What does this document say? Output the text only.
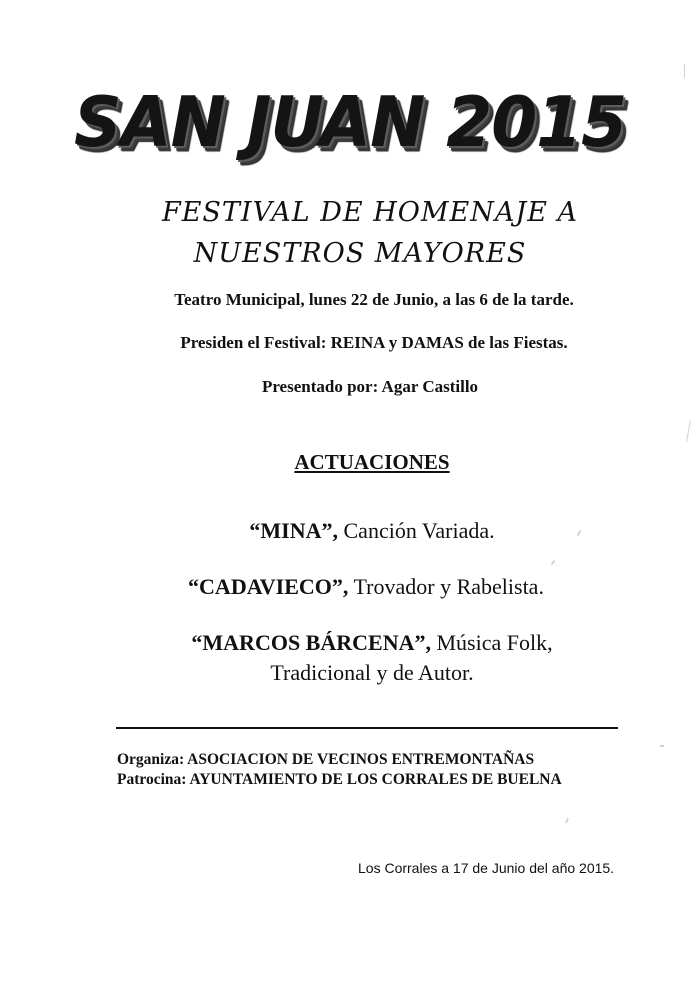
SAN JUAN 2015
FESTIVAL DE HOMENAJE A
NUESTROS MAYORES
Teatro Municipal, lunes 22 de Junio, a las 6 de la tarde.
Presiden el Festival: REINA y DAMAS de las Fiestas.
Presentado por: Agar Castillo
ACTUACIONES
“MINA”, Canción Variada.
“CADAVIECO”, Trovador y Rabelista.
“MARCOS BÁRCENA”, Música Folk,
Tradicional y de Autor.
Organiza: ASOCIACION DE VECINOS ENTREMONTAÑAS
Patrocina: AYUNTAMIENTO DE LOS CORRALES DE BUELNA
Los Corrales a 17 de Junio del año 2015.
